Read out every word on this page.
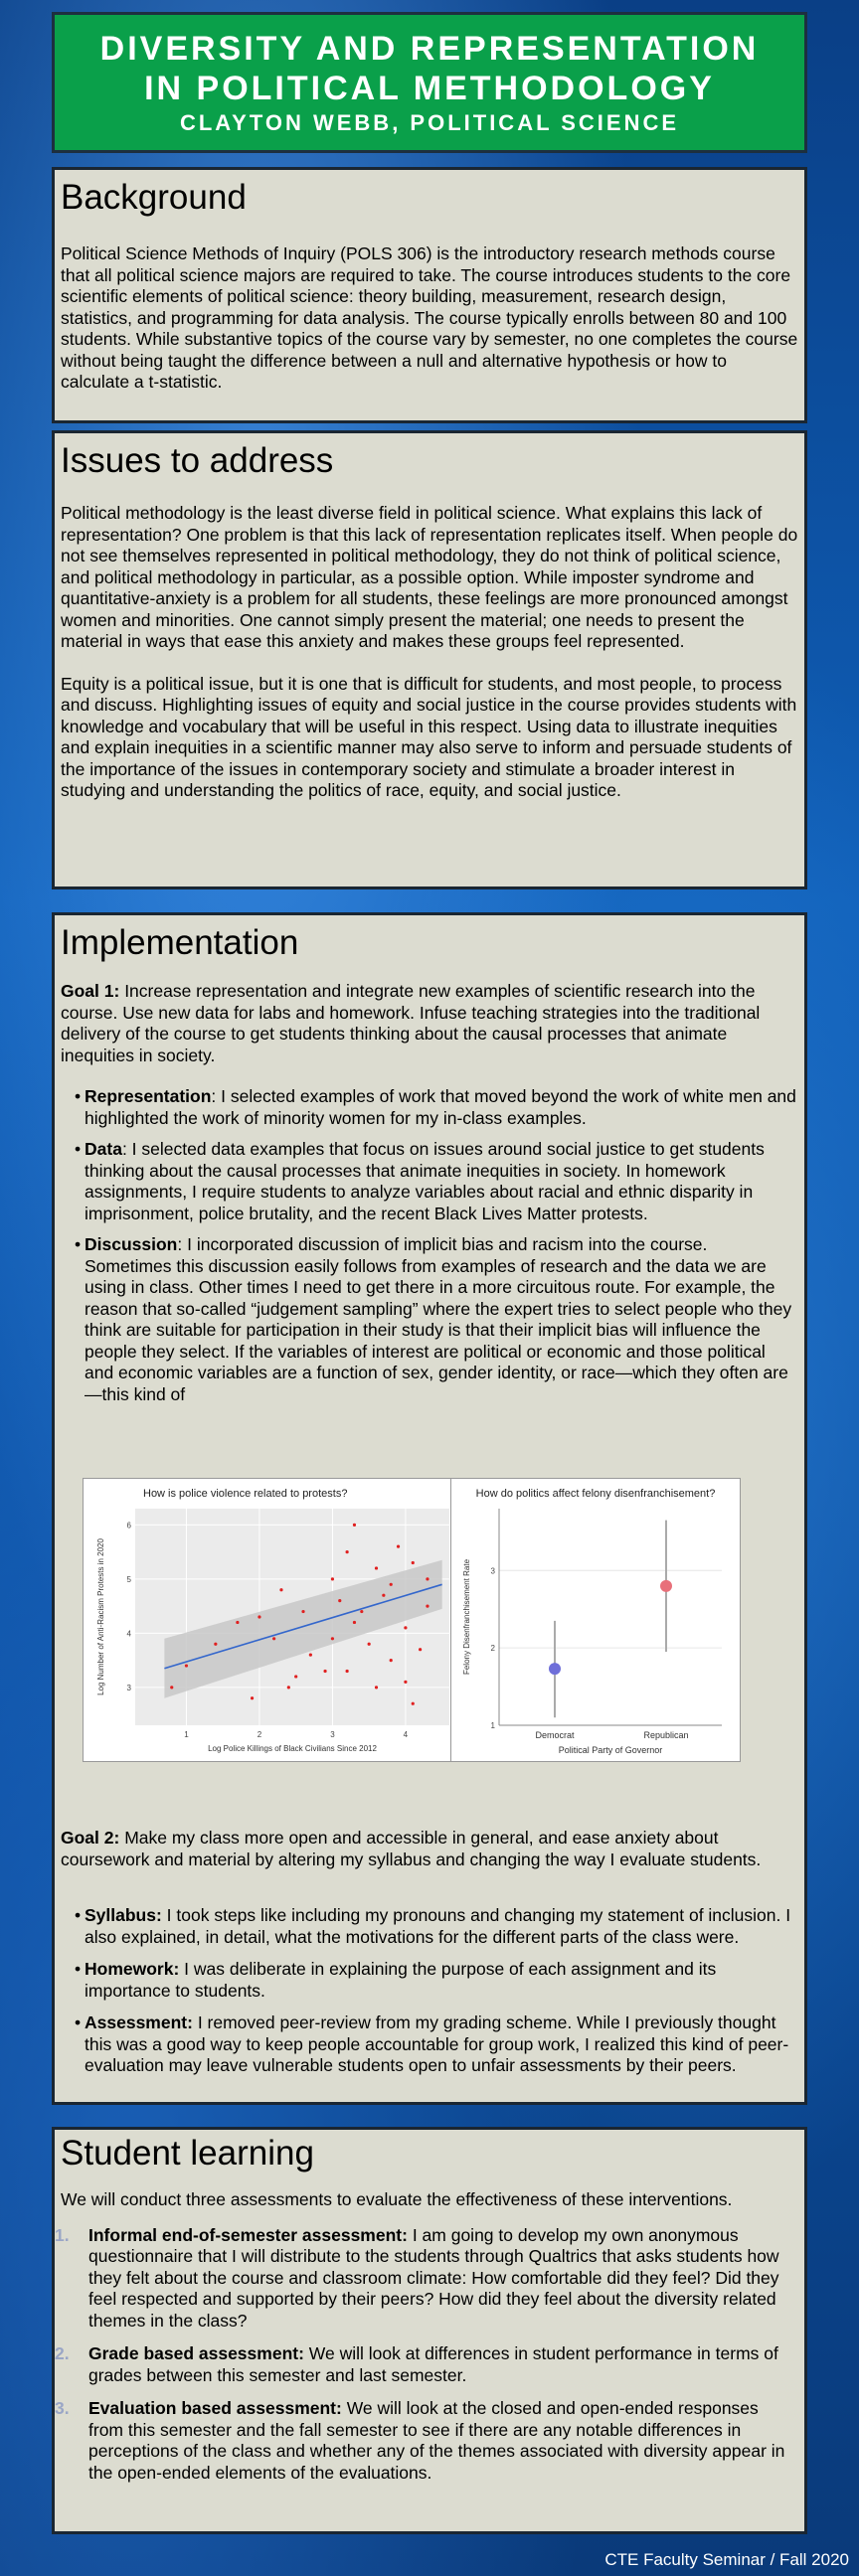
DIVERSITY AND REPRESENTATION
IN POLITICAL METHODOLOGY
CLAYTON WEBB, POLITICAL SCIENCE
Background

Political Science Methods of Inquiry (POLS 306) is the introductory research methods course that all political science majors are required to take. The course introduces students to the core scientific elements of political science: theory building, measurement, research design, statistics, and programming for data analysis. The course typically enrolls between 80 and 100 students. While substantive topics of the course vary by semester, no one completes the course without being taught the difference between a null and alternative hypothesis or how to calculate a t-statistic.

Issues to address

Political methodology is the least diverse field in political science. What explains this lack of representation? One problem is that this lack of representation replicates itself. When people do not see themselves represented in political methodology, they do not think of political science, and political methodology in particular, as a possible option. While imposter syndrome and quantitative-anxiety is a problem for all students, these feelings are more pronounced amongst women and minorities. One cannot simply present the material; one needs to present the material in ways that ease this anxiety and makes these groups feel represented.

Equity is a political issue, but it is one that is difficult for students, and most people, to process and discuss. Highlighting issues of equity and social justice in the course provides students with knowledge and vocabulary that will be useful in this respect. Using data to illustrate inequities and explain inequities in a scientific manner may also serve to inform and persuade students of the importance of the issues in contemporary society and stimulate a broader interest in studying and understanding the politics of race, equity, and social justice.

Implementation
Goal 1: Increase representation and integrate new examples of scientific research into the course. Use new data for labs and homework. Infuse teaching strategies into the traditional delivery of the course to get students thinking about the causal processes that animate inequities in society.
• Representation: I selected examples of work that moved beyond the work of white men and highlighted the work of minority women for my in-class examples.
• Data: I selected data examples that focus on issues around social justice to get students thinking about the causal processes that animate inequities in society. In homework assignments, I require students to analyze variables about racial and ethnic disparity in imprisonment, police brutality, and the recent Black Lives Matter protests.
• Discussion: I incorporated discussion of implicit bias and racism into the course. Sometimes this discussion easily follows from examples of research and the data we are using in class. Other times I need to get there in a more circuitous route. For example, the reason that so-called “judgement sampling” where the expert tries to select people who they think are suitable for participation in their study is that their implicit bias will influence the people they select. If the variables of interest are political or economic and those political and economic variables are a function of sex, gender identity, or race—which they often are—this kind of
How is police violence related to protests?
1	2	3	4
3
4
5
6
Log Police Killings of Black Civilians Since 2012
Log Number of Anti-Racism Protests in 2020
How do politics affect felony disenfranchisement?
1
2
3
Democrat	Republican
Political Party of Governor
Felony Disenfranchisement Rate
Goal 2: Make my class more open and accessible in general, and ease anxiety about coursework and material by altering my syllabus and changing the way I evaluate students.
• Syllabus: I took steps like including my pronouns and changing my statement of inclusion. I also explained, in detail, what the motivations for the different parts of the class were.
• Homework: I was deliberate in explaining the purpose of each assignment and its importance to students.
• Assessment: I removed peer-review from my grading scheme. While I previously thought this was a good way to keep people accountable for group work, I realized this kind of peer-evaluation may leave vulnerable students open to unfair assessments by their peers.
Student learning

We will conduct three assessments to evaluate the effectiveness of these interventions.

1. Informal end-of-semester assessment: I am going to develop my own anonymous questionnaire that I will distribute to the students through Qualtrics that asks students how they felt about the course and classroom climate: How comfortable did they feel? Did they feel respected and supported by their peers? How did they feel about the diversity related themes in the class?
2. Grade based assessment: We will look at differences in student performance in terms of grades between this semester and last semester.
3. Evaluation based assessment: We will look at the closed and open-ended responses from this semester and the fall semester to see if there are any notable differences in perceptions of the class and whether any of the themes associated with diversity appear in the open-ended elements of the evaluations.
CTE Faculty Seminar / Fall 2020
